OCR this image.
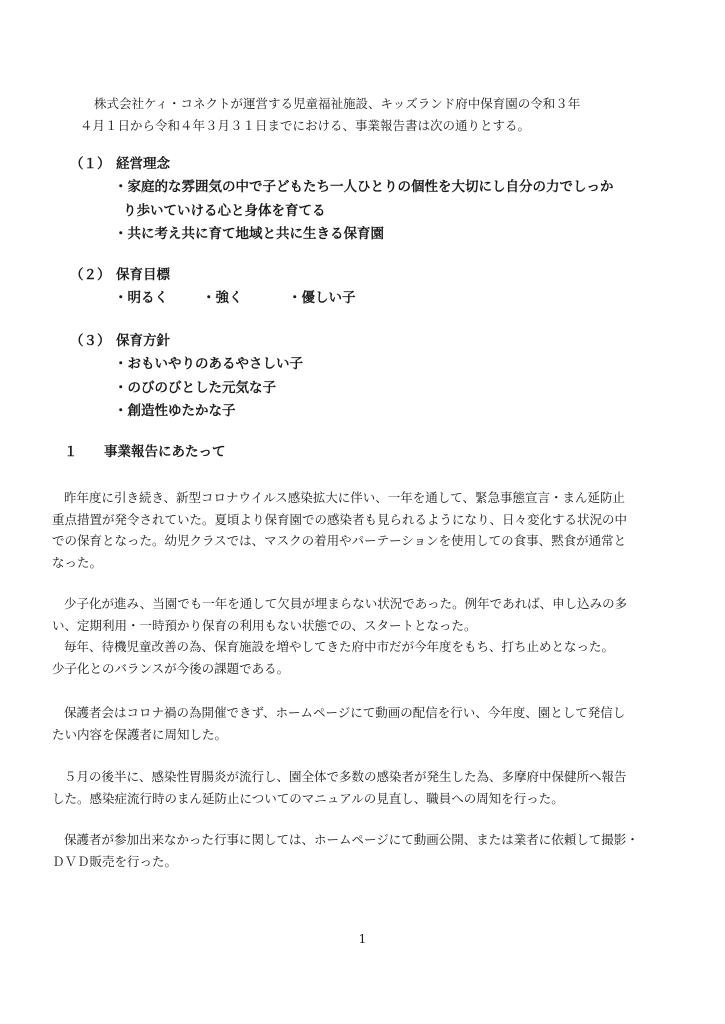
株式会社ケィ・コネクトが運営する児童福祉施設、キッズランド府中保育園の令和３年
４月１日から令和４年３月３１日までにおける、事業報告書は次の通りとする。
（１） 経営理念
・家庭的な雰囲気の中で子どもたち一人ひとりの個性を大切にし自分の力でしっか
り歩いていける心と身体を育てる
・共に考え共に育て地域と共に生きる保育園
（２） 保育目標
・明るく	・強く	・優しい子
（３） 保育方針
・おもいやりのあるやさしい子
・のびのびとした元気な子
・創造性ゆたかな子
１	事業報告にあたって
昨年度に引き続き、新型コロナウイルス感染拡大に伴い、一年を通して、緊急事態宣言・まん延防止
重点措置が発令されていた。夏頃より保育園での感染者も見られるようになり、日々変化する状況の中
での保育となった。幼児クラスでは、マスクの着用やパーテーションを使用しての食事、黙食が通常と
なった。
少子化が進み、当園でも一年を通して欠員が埋まらない状況であった。例年であれば、申し込みの多
い、定期利用・一時預かり保育の利用もない状態での、スタートとなった。
毎年、待機児童改善の為、保育施設を増やしてきた府中市だが今年度をもち、打ち止めとなった。
少子化とのバランスが今後の課題である。
保護者会はコロナ禍の為開催できず、ホームページにて動画の配信を行い、今年度、園として発信し
たい内容を保護者に周知した。
５月の後半に、感染性胃腸炎が流行し、園全体で多数の感染者が発生した為、多摩府中保健所へ報告
した。感染症流行時のまん延防止についてのマニュアルの見直し、職員への周知を行った。
保護者が参加出来なかった行事に関しては、ホームページにて動画公開、または業者に依頼して撮影・
ＤＶＤ販売を行った。
1
